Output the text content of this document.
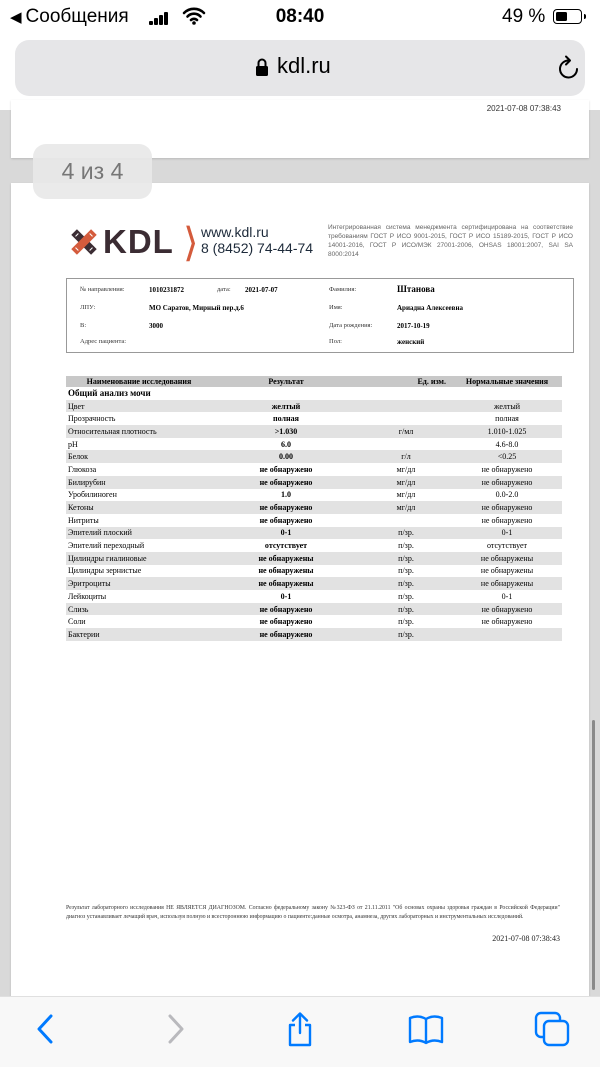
◀ Сообщения	08:40	49 %
kdl.ru
2021-07-08 07:38:43
KDL ⟩ www.kdl.ru
8 (8452) 74-44-74
Интегрированная система менеджмента сертифицирована на соответствие требованиям ГОСТ Р ИСО 9001-2015, ГОСТ Р ИСО 15189-2015, ГОСТ Р ИСО 14001-2016, ГОСТ Р ИСО/МЭК 27001-2006, OHSAS 18001:2007, SAI SA 8000:2014
№ направления:	1010231872	дата: 2021-07-07
ЛПУ:	МО Саратов, Мирный пер.д.6
В:	3000
Адрес пациента:
Фамилия:	Штанова
Имя:	Ариадна Алексеевна
Дата рождения:	2017-10-19
Пол:	женский
Наименование исследования	Результат	Ед. изм.	Нормальные значения
Общий анализ мочи			
Цвет	желтый		желтый
Прозрачность	полная		полная
Относительная плотность	>1.030	г/мл	1.010-1.025
pH	6.0		4.6-8.0
Белок	0.00	г/л	<0.25
Глюкоза	не обнаружено	мг/дл	не обнаружено
Билирубин	не обнаружено	мг/дл	не обнаружено
Уробилиноген	1.0	мг/дл	0.0-2.0
Кетоны	не обнаружено	мг/дл	не обнаружено
Нитриты	не обнаружено		не обнаружено
Эпителий плоский	0-1	п/зр.	0-1
Эпителий переходный	отсутствует	п/зр.	отсутствует
Цилиндры гиалиновые	не обнаружены	п/зр.	не обнаружены
Цилиндры зернистые	не обнаружены	п/зр.	не обнаружены
Эритроциты	не обнаружены	п/зр.	не обнаружены
Лейкоциты	0-1	п/зр.	0-1
Слизь	не обнаружено	п/зр.	не обнаружено
Соли	не обнаружено	п/зр.	не обнаружено
Бактерии	не обнаружено	п/зр.	
Результат лабораторного исследования НЕ ЯВЛЯЕТСЯ ДИАГНОЗОМ. Согласно федеральному закону №323-ФЗ от 21.11.2011 "Об основах охраны здоровья граждан в Российской Федерации" диагноз устанавливает лечащий врач, используя полную и всестороннюю информацию о пациенте:данные осмотра, анамнеза, других лабораторных и инструментальных исследований.
2021-07-08 07:38:43
4 из 4
